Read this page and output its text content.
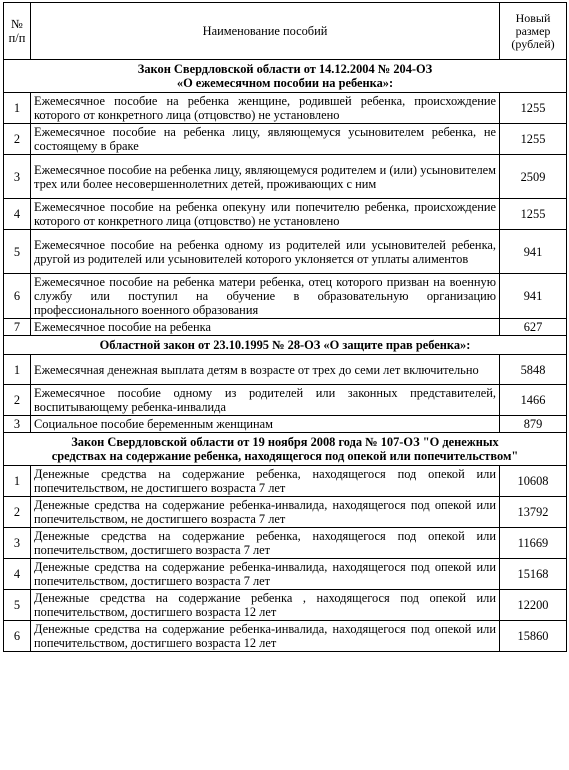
№ п/п	Наименование пособий	Новый размер (рублей)
Закон Свердловской области от 14.12.2004 № 204-ОЗ
«О ежемесячном пособии на ребенка»:		
1	Ежемесячное пособие на ребенка женщине, родившей ребенка, происхождение которого от конкретного лица (отцовство) не установлено	1255
2	Ежемесячное пособие на ребенка лицу, являющемуся усыновителем ребенка, не состоящему в браке	1255
3	Ежемесячное пособие на ребенка лицу, являющемуся родителем и (или) усыновителем трех или более несовершеннолетних детей, проживающих с ним	2509
4	Ежемесячное пособие на ребенка опекуну или попечителю ребенка, происхождение которого от конкретного лица (отцовство) не установлено	1255
5	Ежемесячное пособие на ребенка одному из родителей или усыновителей ребенка, другой из родителей или усыновителей которого уклоняется от уплаты алиментов	941
6	Ежемесячное пособие на ребенка матери ребенка, отец которого призван на военную службу или поступил на обучение в образовательную организацию профессионального военного образования	941
7	Ежемесячное пособие на ребенка	627
Областной закон от 23.10.1995 № 28-ОЗ «О защите прав ребенка»:		
1	Ежемесячная денежная выплата детям в возрасте от трех до семи лет включительно	5848
2	Ежемесячное пособие одному из родителей или законных представителей, воспитывающему ребенка-инвалида	1466
3	Социальное пособие беременным женщинам	879
Закон Свердловской области от 19 ноября 2008 года № 107-ОЗ "О денежных
средствах на содержание ребенка, находящегося под опекой или попечительством"		
1	Денежные средства на содержание ребенка, находящегося под опекой или попечительством, не достигшего возраста 7 лет	10608
2	Денежные средства на содержание ребенка-инвалида, находящегося под опекой или попечительством, не достигшего возраста 7 лет	13792
3	Денежные средства на содержание ребенка, находящегося под опекой или попечительством, достигшего возраста 7 лет	11669
4	Денежные средства на содержание ребенка-инвалида, находящегося под опекой или попечительством, достигшего возраста 7 лет	15168
5	Денежные средства на содержание ребенка , находящегося под опекой или попечительством, достигшего возраста 12 лет	12200
6	Денежные средства на содержание ребенка-инвалида, находящегося под опекой или попечительством, достигшего возраста 12 лет	15860
